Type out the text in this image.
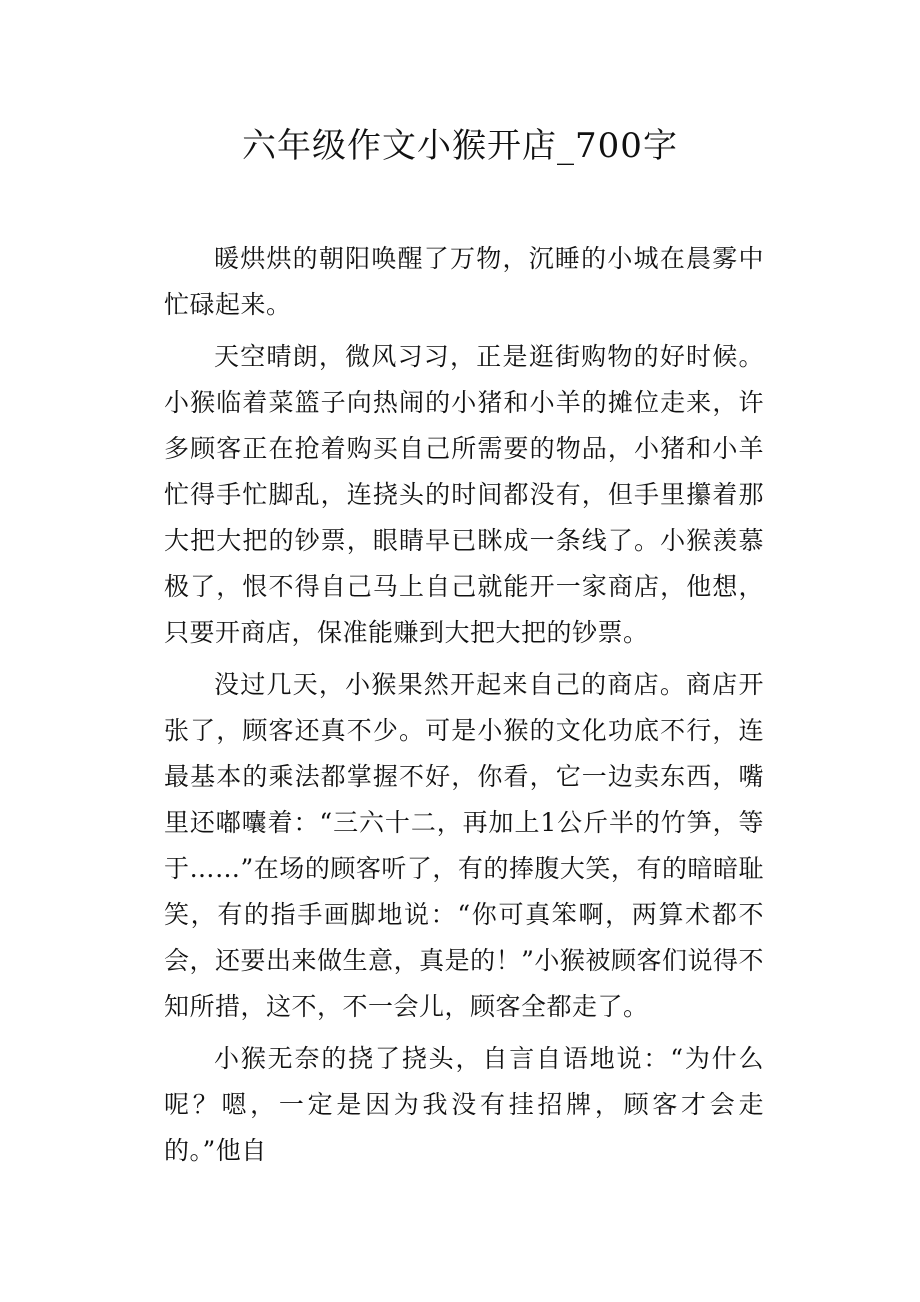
六年级作文小猴开店_700字

暖烘烘的朝阳唤醒了万物，沉睡的小城在晨雾中忙碌起来。

天空晴朗，微风习习，正是逛街购物的好时候。小猴临着菜篮子向热闹的小猪和小羊的摊位走来，许多顾客正在抢着购买自己所需要的物品，小猪和小羊忙得手忙脚乱，连挠头的时间都没有，但手里攥着那大把大把的钞票，眼睛早已眯成一条线了。小猴羡慕极了，恨不得自己马上自己就能开一家商店，他想，只要开商店，保准能赚到大把大把的钞票。

没过几天，小猴果然开起来自己的商店。商店开张了，顾客还真不少。可是小猴的文化功底不行，连最基本的乘法都掌握不好，你看，它一边卖东西，嘴里还嘟囔着：“三六十二，再加上1公斤半的竹笋，等于……”在场的顾客听了，有的捧腹大笑，有的暗暗耻笑，有的指手画脚地说：“你可真笨啊，两算术都不会，还要出来做生意，真是的！”小猴被顾客们说得不知所措，这不，不一会儿，顾客全都走了。

小猴无奈的挠了挠头，自言自语地说：“为什么呢？嗯，一定是因为我没有挂招牌，顾客才会走的。”他自
